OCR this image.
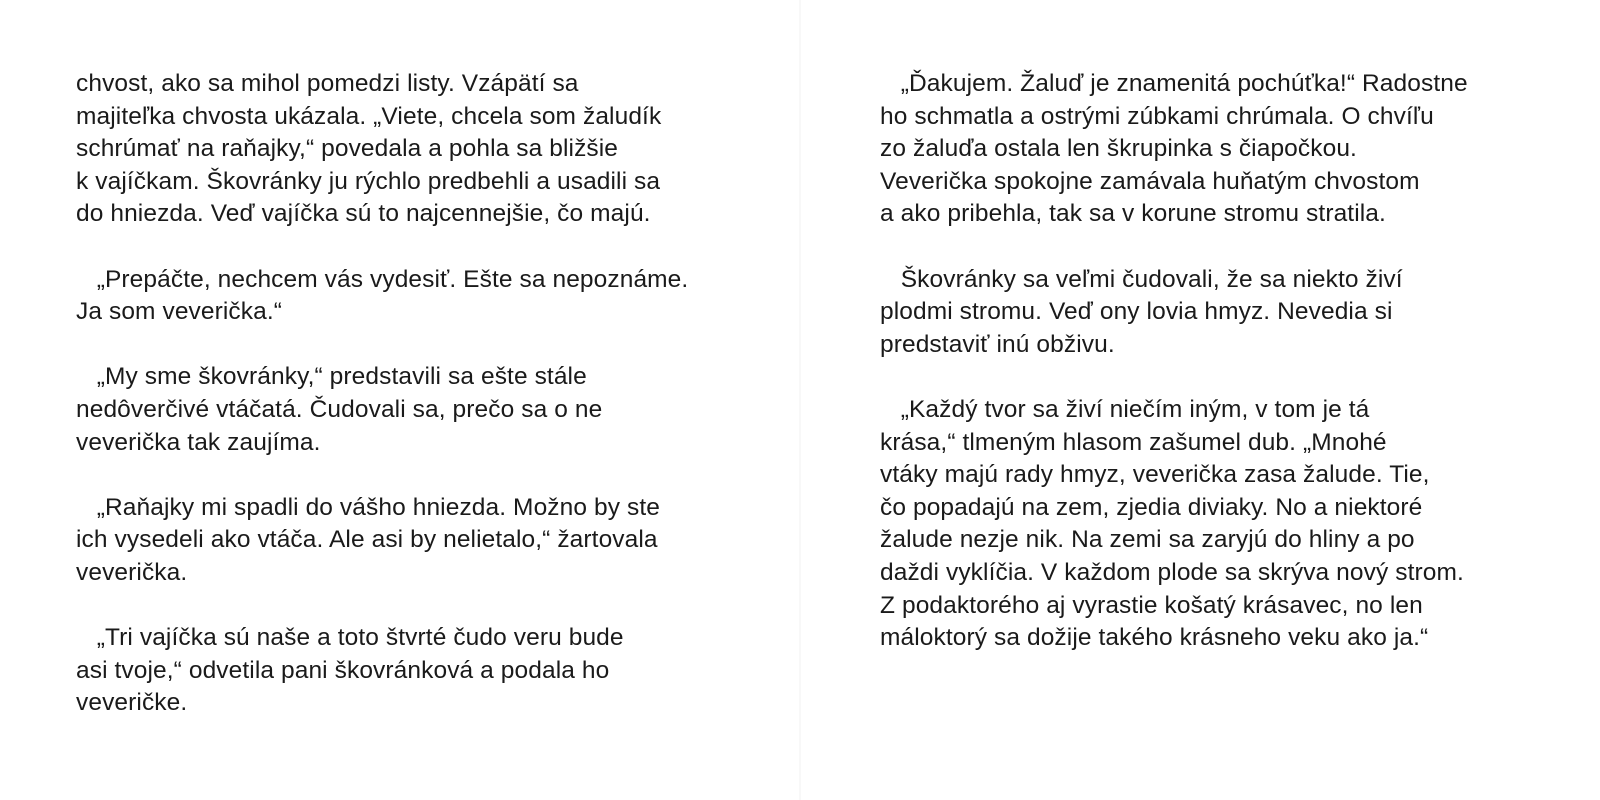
chvost, ako sa mihol pomedzi listy. Vzápätí sa
majiteľka chvosta ukázala. „Viete, chcela som žaludík
schrúmať na raňajky,“ povedala a pohla sa bližšie
k vajíčkam. Škovránky ju rýchlo predbehli a usadili sa
do hniezda. Veď vajíčka sú to najcennejšie, čo majú.

„Prepáčte, nechcem vás vydesiť. Ešte sa nepoznáme.
Ja som veverička.“

„My sme škovránky,“ predstavili sa ešte stále
nedôverčivé vtáčatá. Čudovali sa, prečo sa o ne
veverička tak zaujíma.

„Raňajky mi spadli do vášho hniezda. Možno by ste
ich vysedeli ako vtáča. Ale asi by nelietalo,“ žartovala
veverička.

„Tri vajíčka sú naše a toto štvrté čudo veru bude
asi tvoje,“ odvetila pani škovránková a podala ho
veveričke.

„Ďakujem. Žaluď je znamenitá pochúťka!“ Radostne
ho schmatla a ostrými zúbkami chrúmala. O chvíľu
zo žaluďa ostala len škrupinka s čiapočkou.
Veverička spokojne zamávala huňatým chvostom
a ako pribehla, tak sa v korune stromu stratila.

Škovránky sa veľmi čudovali, že sa niekto živí
plodmi stromu. Veď ony lovia hmyz. Nevedia si
predstaviť inú obživu.

„Každý tvor sa živí niečím iným, v tom je tá
krása,“ tlmeným hlasom zašumel dub. „Mnohé
vtáky majú rady hmyz, veverička zasa žalude. Tie,
čo popadajú na zem, zjedia diviaky. No a niektoré
žalude nezje nik. Na zemi sa zaryjú do hliny a po
daždi vyklíčia. V každom plode sa skrýva nový strom.
Z podaktorého aj vyrastie košatý krásavec, no len
máloktorý sa dožije takého krásneho veku ako ja.“
